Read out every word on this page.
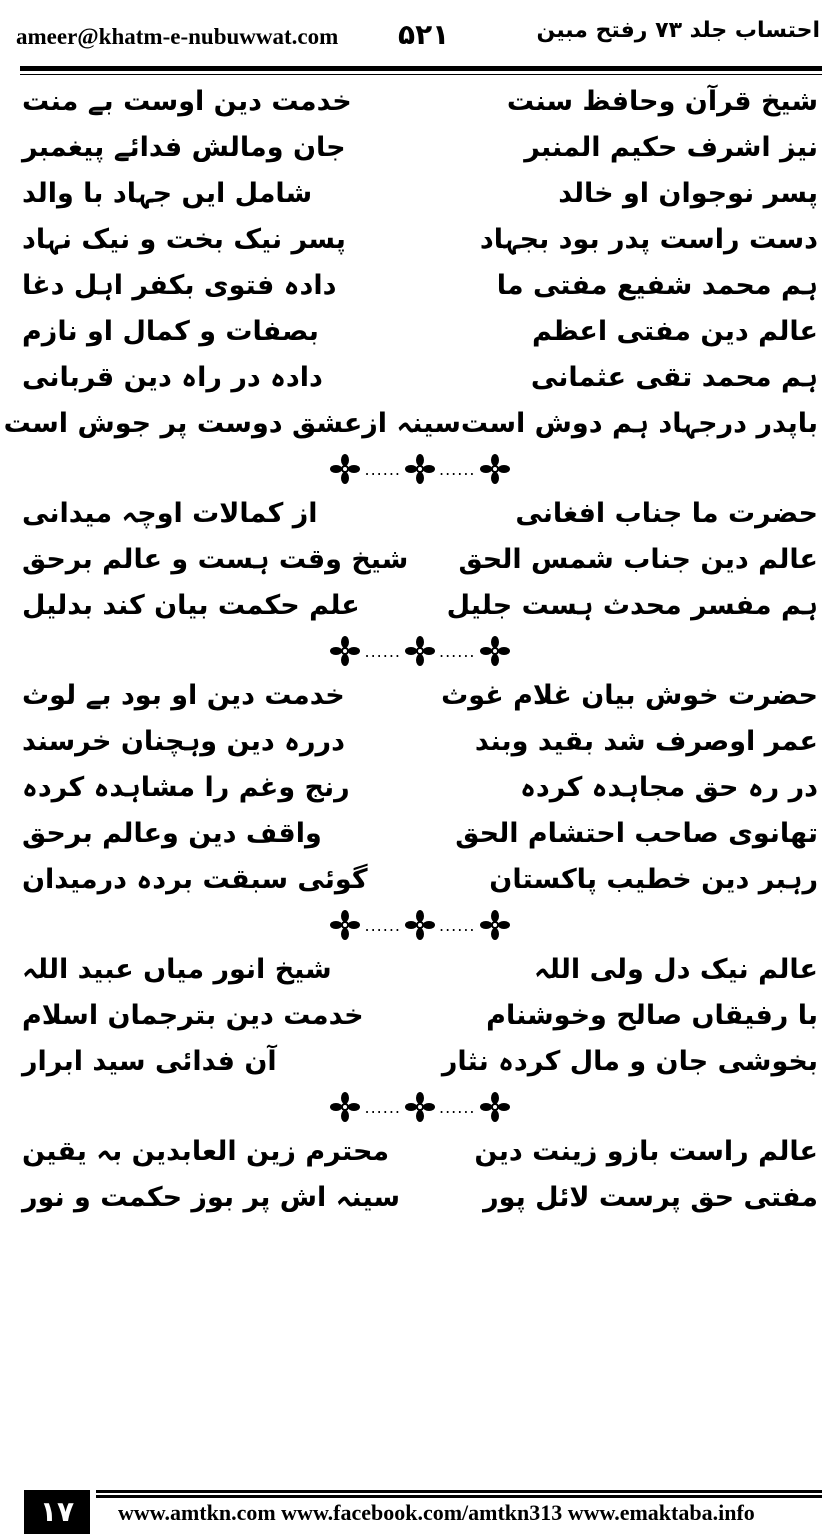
ameer@khatm-e-nubuwwat.com ۵۲۱	احتساب جلد ۷۳ رفتح مبین
شیخ قرآن وحافظ سنت
خدمت دین اوست بے منت
نیز اشرف حکیم المنبر
جان ومالش فدائے پیغمبر
پسر نوجوان او خالد
شامل ایں جہاد با والد
دست راست پدر بود بجہاد
پسر نیک بخت و نیک نہاد
ہم محمد شفیع مفتی ما
دادہ فتوی بکفر اہل دغا
عالم دین مفتی اعظم
بصفات و کمال او نازم
ہم محمد تقی عثمانی
دادہ در راہ دین قربانی
باپدر درجہاد ہم دوش است
سینہ ازعشق دوست پر جوش است
...... ......
حضرت ما جناب افغانی
از کمالات اوچہ میدانی
عالم دین جناب شمس الحق
شیخ وقت ہست و عالم برحق
ہم مفسر محدث ہست جلیل
علم حکمت بیان کند بدلیل
...... ......
حضرت خوش بیان غلام غوث
خدمت دین او بود بے لوث
عمر اوصرف شد بقید وبند
دررہ دین وہچنان خرسند
در رہ حق مجاہدہ کردہ
رنج وغم را مشاہدہ کردہ
تھانوی صاحب احتشام الحق
واقف دین وعالم برحق
رہبر دین خطیب پاکستان
گوئی سبقت بردہ درمیدان
...... ......
عالم نیک دل ولی اللہ
شیخ انور میاں عبید اللہ
با رفیقاں صالح وخوشنام
خدمت دین بترجمان اسلام
بخوشی جان و مال کردہ نثار
آن فدائی سید ابرار
...... ......
عالم راست بازو زینت دین
محترم زین العابدین بہ یقین
مفتی حق پرست لائل پور
سینہ اش پر بوز حکمت و نور
۱۷	www.amtkn.com www.facebook.com/amtkn313 www.emaktaba.info
